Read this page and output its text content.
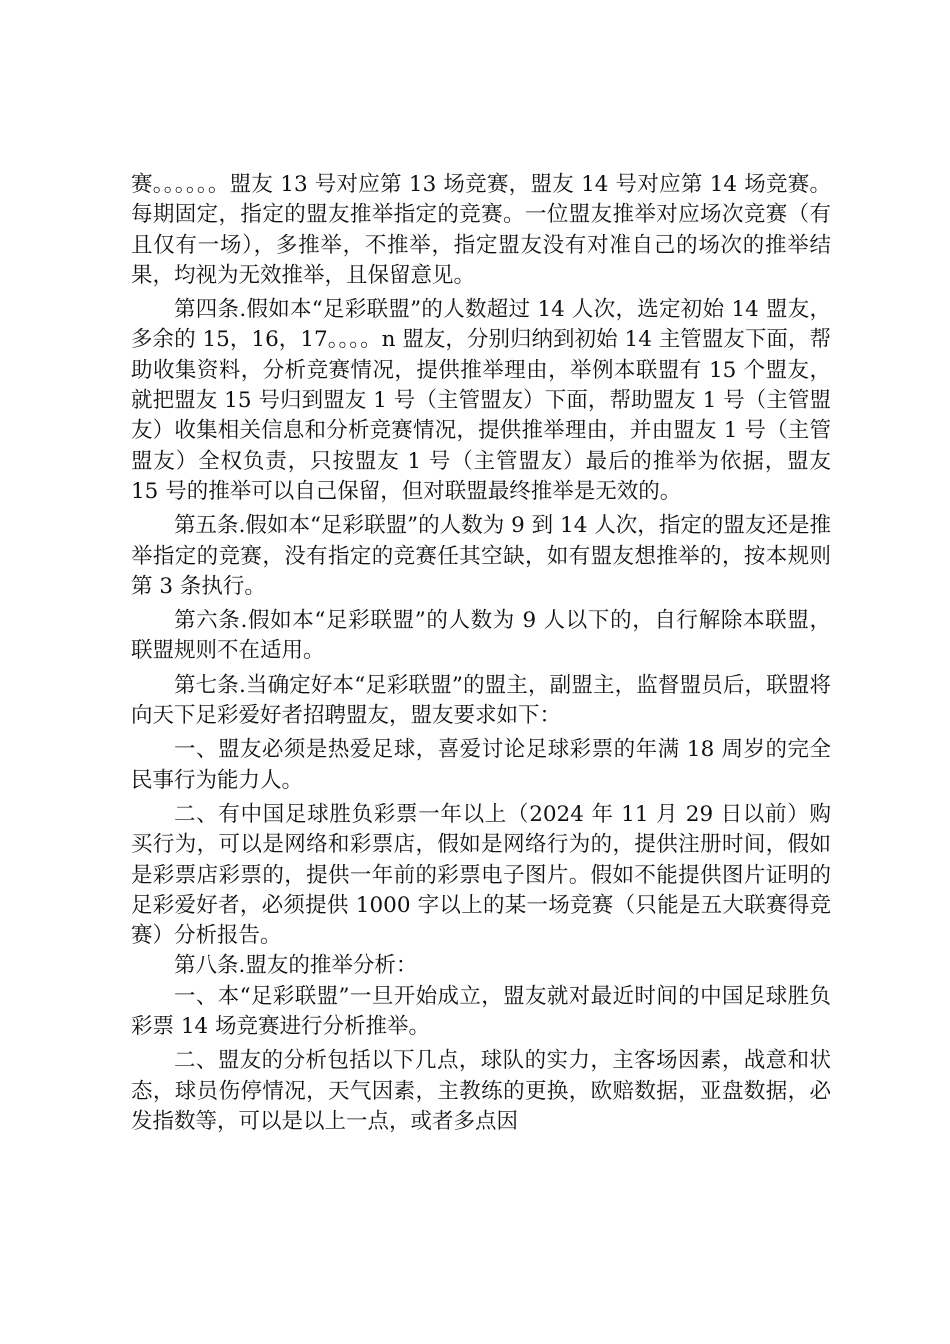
赛。。。。。。盟友 13 号对应第 13 场竞赛，盟友 14 号对应第 14 场竞赛。每期固定，指定的盟友推举指定的竞赛。一位盟友推举对应场次竞赛（有且仅有一场），多推举，不推举，指定盟友没有对准自己的场次的推举结果，均视为无效推举，且保留意见。

第四条.假如本“足彩联盟”的人数超过 14 人次，选定初始 14 盟友，多余的 15，16，17。。。。n 盟友，分别归纳到初始 14 主管盟友下面，帮助收集资料，分析竞赛情况，提供推举理由，举例本联盟有 15 个盟友，就把盟友 15 号归到盟友 1 号（主管盟友）下面，帮助盟友 1 号（主管盟友）收集相关信息和分析竞赛情况，提供推举理由，并由盟友 1 号（主管盟友）全权负责，只按盟友 1 号（主管盟友）最后的推举为依据，盟友 15 号的推举可以自己保留，但对联盟最终推举是无效的。

第五条.假如本“足彩联盟”的人数为 9 到 14 人次，指定的盟友还是推举指定的竞赛，没有指定的竞赛任其空缺，如有盟友想推举的，按本规则第 3 条执行。

第六条.假如本“足彩联盟”的人数为 9 人以下的，自行解除本联盟，联盟规则不在适用。

第七条.当确定好本“足彩联盟”的盟主，副盟主，监督盟员后，联盟将向天下足彩爱好者招聘盟友，盟友要求如下：

一、盟友必须是热爱足球，喜爱讨论足球彩票的年满 18 周岁的完全民事行为能力人。

二、有中国足球胜负彩票一年以上（2024 年 11 月 29 日以前）购买行为，可以是网络和彩票店，假如是网络行为的，提供注册时间，假如是彩票店彩票的，提供一年前的彩票电子图片。假如不能提供图片证明的足彩爱好者，必须提供 1000 字以上的某一场竞赛（只能是五大联赛得竞赛）分析报告。

第八条.盟友的推举分析：

一、本“足彩联盟”一旦开始成立，盟友就对最近时间的中国足球胜负彩票 14 场竞赛进行分析推举。

二、盟友的分析包括以下几点，球队的实力，主客场因素，战意和状态，球员伤停情况，天气因素，主教练的更换，欧赔数据，亚盘数据，必发指数等，可以是以上一点，或者多点因
